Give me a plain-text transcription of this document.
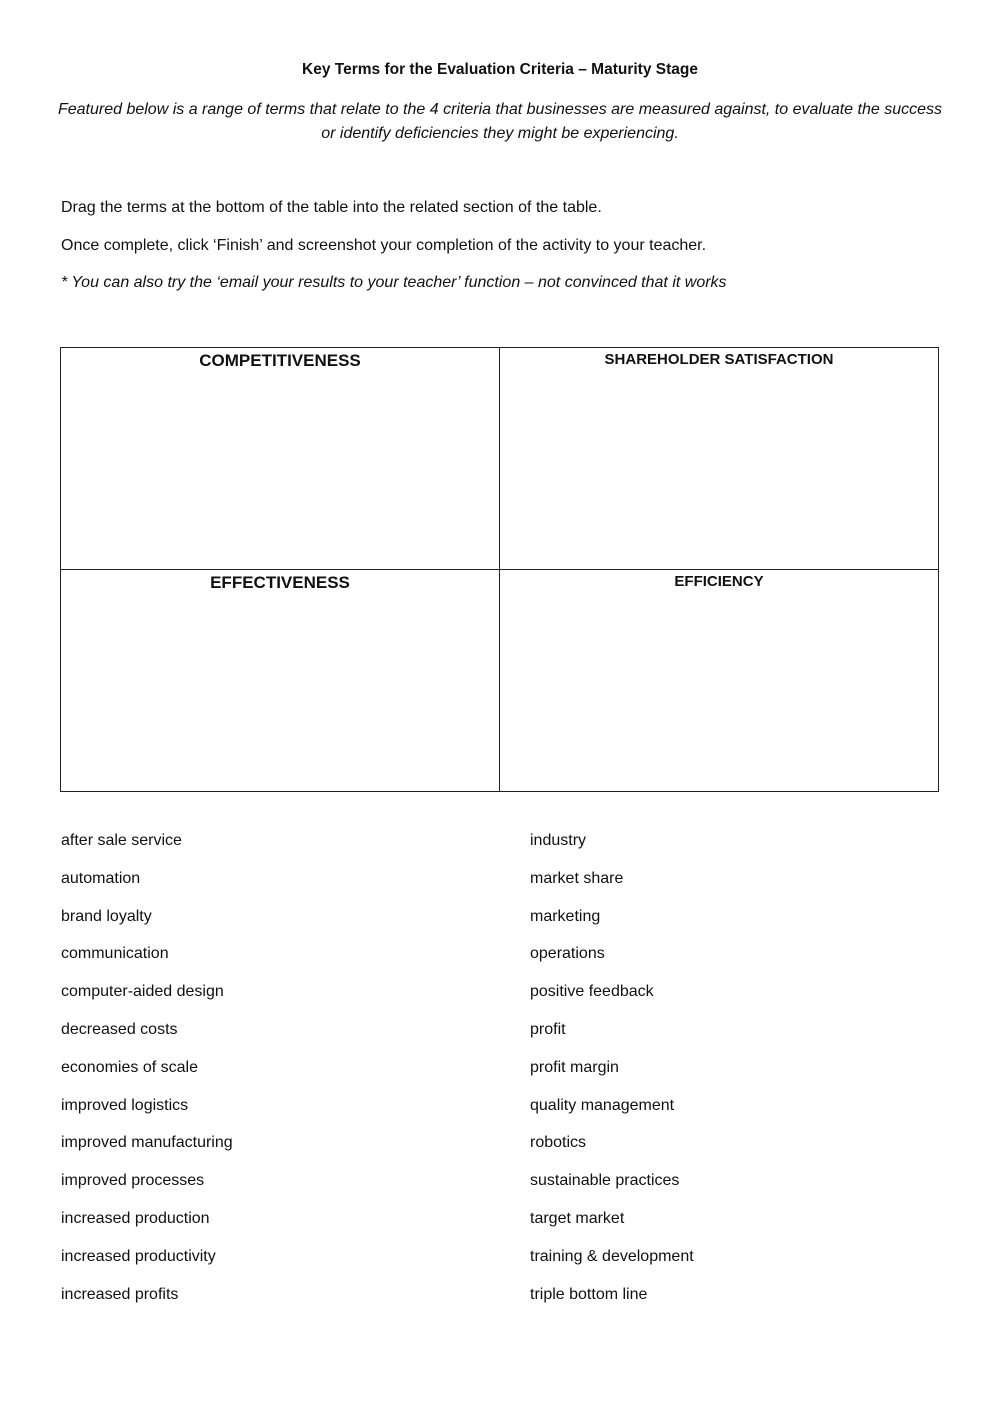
Key Terms for the Evaluation Criteria – Maturity Stage
Featured below is a range of terms that relate to the 4 criteria that businesses are measured against, to evaluate the success or identify deficiencies they might be experiencing.
Drag the terms at the bottom of the table into the related section of the table.
Once complete, click ‘Finish’ and screenshot your completion of the activity to your teacher.
* You can also try the ‘email your results to your teacher’ function – not convinced that it works
COMPETITIVENESS	SHAREHOLDER SATISFACTION
EFFECTIVENESS	EFFICIENCY
after sale service
automation
brand loyalty
communication
computer-aided design
decreased costs
economies of scale
improved logistics
improved manufacturing
improved processes
increased production
increased productivity
increased profits
industry
market share
marketing
operations
positive feedback
profit
profit margin
quality management
robotics
sustainable practices
target market
training & development
triple bottom line
